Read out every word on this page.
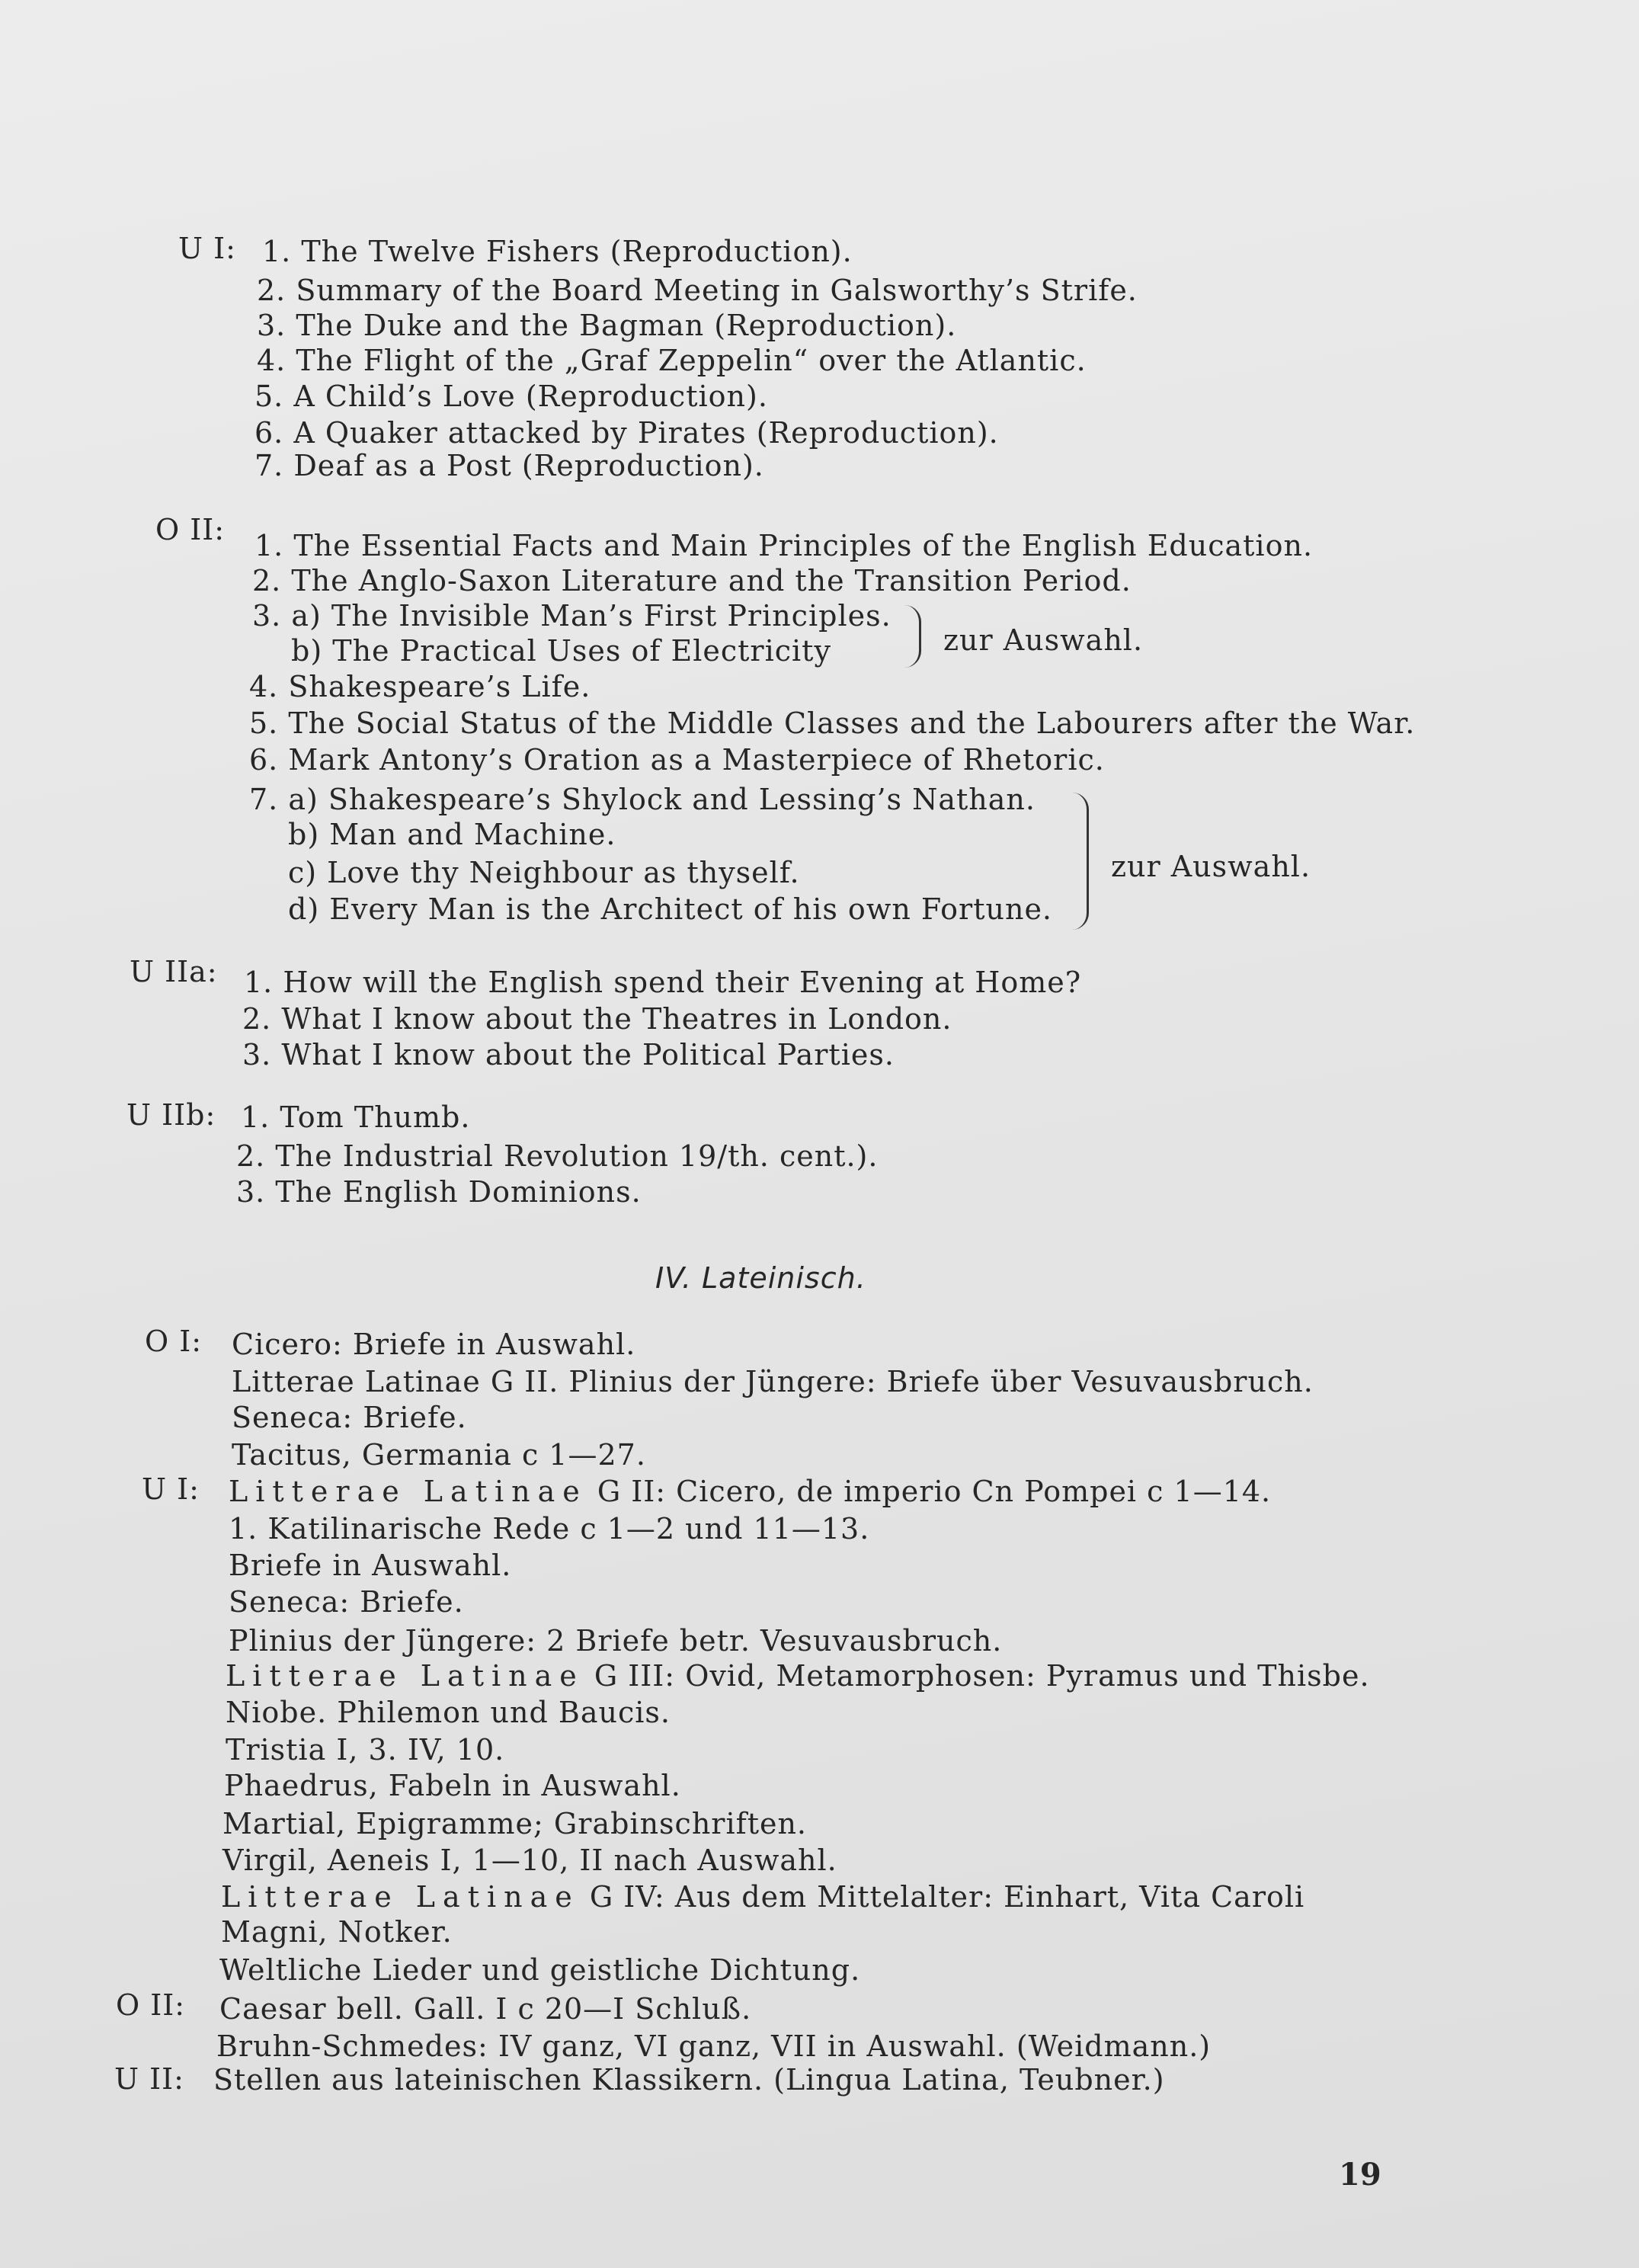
U I: 1. The Twelve Fishers (Reproduction).
2. Summary of the Board Meeting in Galsworthy’s Strife.
3. The Duke and the Bagman (Reproduction).
4. The Flight of the „Graf Zeppelin“ over the Atlantic.
5. A Child’s Love (Reproduction).
6. A Quaker attacked by Pirates (Reproduction).
7. Deaf as a Post (Reproduction).
O II: 1. The Essential Facts and Main Principles of the English Education.
2. The Anglo-Saxon Literature and the Transition Period.
3. a) The Invisible Man’s First Principles.
b) The Practical Uses of Electricity	zur Auswahl.
4. Shakespeare’s Life.
5. The Social Status of the Middle Classes and the Labourers after the War.
6. Mark Antony’s Oration as a Masterpiece of Rhetoric.
7. a) Shakespeare’s Shylock and Lessing’s Nathan.
b) Man and Machine.
c) Love thy Neighbour as thyself.
d) Every Man is the Architect of his own Fortune.
zur Auswahl.
U IIa: 1. How will the English spend their Evening at Home?
2. What I know about the Theatres in London.
3. What I know about the Political Parties.
U IIb: 1. Tom Thumb.
2. The Industrial Revolution 19/th. cent.).
3. The English Dominions.
IV. Lateinisch.
O I: Cicero: Briefe in Auswahl.
Litterae Latinae G II. Plinius der Jüngere: Briefe über Vesuvausbruch.
Seneca: Briefe.
Tacitus, Germania c 1—27.
U I: Litterae Latinae G II: Cicero, de imperio Cn Pompei c 1—14.
1. Katilinarische Rede c 1—2 und 11—13.
Briefe in Auswahl.
Seneca: Briefe.
Plinius der Jüngere: 2 Briefe betr. Vesuvausbruch.
Litterae Latinae G III: Ovid, Metamorphosen: Pyramus und Thisbe.
Niobe. Philemon und Baucis.
Tristia I, 3. IV, 10.
Phaedrus, Fabeln in Auswahl.
Martial, Epigramme; Grabinschriften.
Virgil, Aeneis I, 1—10, II nach Auswahl.
Litterae Latinae G IV: Aus dem Mittelalter: Einhart, Vita Caroli
Magni, Notker.
Weltliche Lieder und geistliche Dichtung.
O II: Caesar bell. Gall. I c 20—I Schluß.
Bruhn-Schmedes: IV ganz, VI ganz, VII in Auswahl. (Weidmann.)
U II: Stellen aus lateinischen Klassikern. (Lingua Latina, Teubner.)
19
